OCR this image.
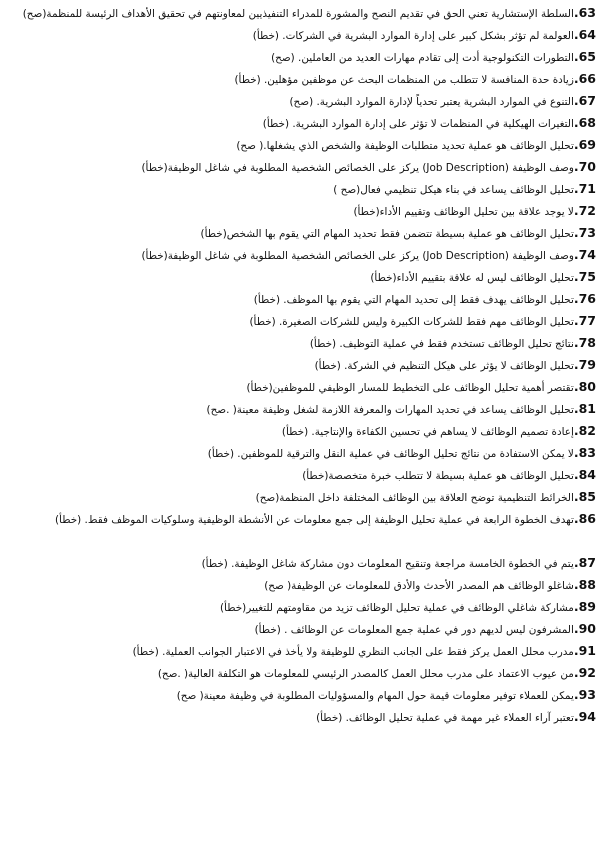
63.السلطة الإستشارية تعني الحق في تقديم النصح والمشورة للمدراء التنفيذيين لمعاونتهم في تحقيق الأهداف الرئيسة للمنظمة(صح)
64.العولمة لم تؤثر بشكل كبير على إدارة الموارد البشرية في الشركات. (خطأ)
65.التطورات التكنولوجية أدت إلى تقادم مهارات العديد من العاملين. (صح)
66.زيادة حدة المنافسة لا تتطلب من المنظمات البحث عن موظفين مؤهلين. (خطأ)
67.التنوع في الموارد البشرية يعتبر تحدياً لإدارة الموارد البشرية. (صح)
68.التغيرات الهيكلية في المنظمات لا تؤثر على إدارة الموارد البشرية. (خطأ)
69.تحليل الوظائف هو عملية تحديد متطلبات الوظيفة والشخص الذي يشغلها.( صح)
70.وصف الوظيفة (Job Description) يركز على الخصائص الشخصية المطلوبة في شاغل الوظيفة(خطأ)
71.تحليل الوظائف يساعد في بناء هيكل تنظيمي فعال(صح )
72.لا يوجد علاقة بين تحليل الوظائف وتقييم الأداء(خطأ)
73.تحليل الوظائف هو عملية بسيطة تتضمن فقط تحديد المهام التي يقوم بها الشخص(خطأ)
74.وصف الوظيفة (Job Description) يركز على الخصائص الشخصية المطلوبة في شاغل الوظيفة(خطأ)
75.تحليل الوظائف ليس له علاقة بتقييم الأداء(خطأ)
76.تحليل الوظائف يهدف فقط إلى تحديد المهام التي يقوم بها الموظف. (خطأ)
77.تحليل الوظائف مهم فقط للشركات الكبيرة وليس للشركات الصغيرة. (خطأ)
78.نتائج تحليل الوظائف تستخدم فقط في عملية التوظيف. (خطأ)
79.تحليل الوظائف لا يؤثر على هيكل التنظيم في الشركة. (خطأ)
80.تقتصر أهمية تحليل الوظائف على التخطيط للمسار الوظيفي للموظفين(خطأ)
81.تحليل الوظائف يساعد في تحديد المهارات والمعرفة اللازمة لشغل وظيفة معينة( .صح)
82.إعادة تصميم الوظائف لا يساهم في تحسين الكفاءة والإنتاجية. (خطأ)
83.لا يمكن الاستفادة من نتائج تحليل الوظائف في عملية النقل والترقية للموظفين. (خطأ)
84.تحليل الوظائف هو عملية بسيطة لا تتطلب خبرة متخصصة(خطأ)
85.الخرائط التنظيمية توضح العلاقة بين الوظائف المختلفة داخل المنظمة(صح)
86.تهدف الخطوة الرابعة في عملية تحليل الوظيفة إلى جمع معلومات عن الأنشطة الوظيفية وسلوكيات الموظف فقط. (خطأ)
87.يتم في الخطوة الخامسة مراجعة وتنقيح المعلومات دون مشاركة شاغل الوظيفة. (خطأ)
88.شاغلو الوظائف هم المصدر الأحدث والأدق للمعلومات عن الوظيفة( صح)
89.مشاركة شاغلي الوظائف في عملية تحليل الوظائف تزيد من مقاومتهم للتغيير(خطأ)
90.المشرفون ليس لديهم دور في عملية جمع المعلومات عن الوظائف . (خطأ)
91.مدرب محلل العمل يركز فقط على الجانب النظري للوظيفة ولا يأخذ في الاعتبار الجوانب العملية. (خطأ)
92.من عيوب الاعتماد على مدرب محلل العمل كالمصدر الرئيسي للمعلومات هو التكلفة العالية( .صح)
93.يمكن للعملاء توفير معلومات قيمة حول المهام والمسؤوليات المطلوبة في وظيفة معينة( صح)
94.تعتبر آراء العملاء غير مهمة في عملية تحليل الوظائف. (خطأ)
